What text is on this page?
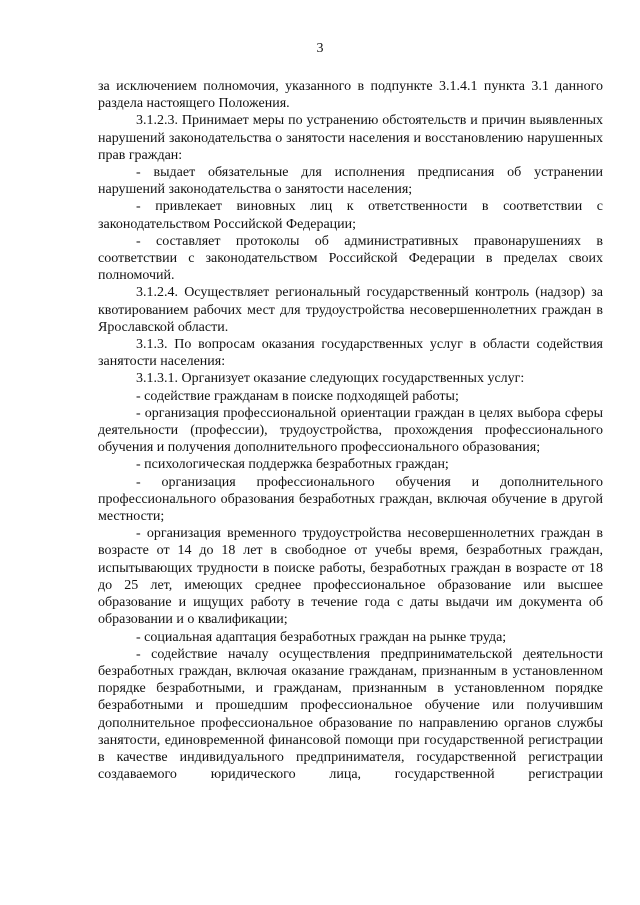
3

за исключением полномочия, указанного в подпункте 3.1.4.1 пункта 3.1 данного раздела настоящего Положения.

3.1.2.3. Принимает меры по устранению обстоятельств и причин выявленных нарушений законодательства о занятости населения и восстановлению нарушенных прав граждан:

- выдает обязательные для исполнения предписания об устранении нарушений законодательства о занятости населения;

- привлекает виновных лиц к ответственности в соответствии с законодательством Российской Федерации;

- составляет протоколы об административных правонарушениях в соответствии с законодательством Российской Федерации в пределах своих полномочий.

3.1.2.4. Осуществляет региональный государственный контроль (надзор) за квотированием рабочих мест для трудоустройства несовершеннолетних граждан в Ярославской области.

3.1.3. По вопросам оказания государственных услуг в области содействия занятости населения:

3.1.3.1. Организует оказание следующих государственных услуг:

- содействие гражданам в поиске подходящей работы;

- организация профессиональной ориентации граждан в целях выбора сферы деятельности (профессии), трудоустройства, прохождения профессионального обучения и получения дополнительного профессионального образования;

- психологическая поддержка безработных граждан;

- организация профессионального обучения и дополнительного профессионального образования безработных граждан, включая обучение в другой местности;

- организация временного трудоустройства несовершеннолетних граждан в возрасте от 14 до 18 лет в свободное от учебы время, безработных граждан, испытывающих трудности в поиске работы, безработных граждан в возрасте от 18 до 25 лет, имеющих среднее профессиональное образование или высшее образование и ищущих работу в течение года с даты выдачи им документа об образовании и о квалификации;

- социальная адаптация безработных граждан на рынке труда;

- содействие началу осуществления предпринимательской деятельности безработных граждан, включая оказание гражданам, признанным в установленном порядке безработными, и гражданам, признанным в установленном порядке безработными и прошедшим профессиональное обучение или получившим дополнительное профессиональное образование по направлению органов службы занятости, единовременной финансовой помощи при государственной регистрации в качестве индивидуального предпринимателя, государственной регистрации создаваемого юридического лица, государственной регистрации
